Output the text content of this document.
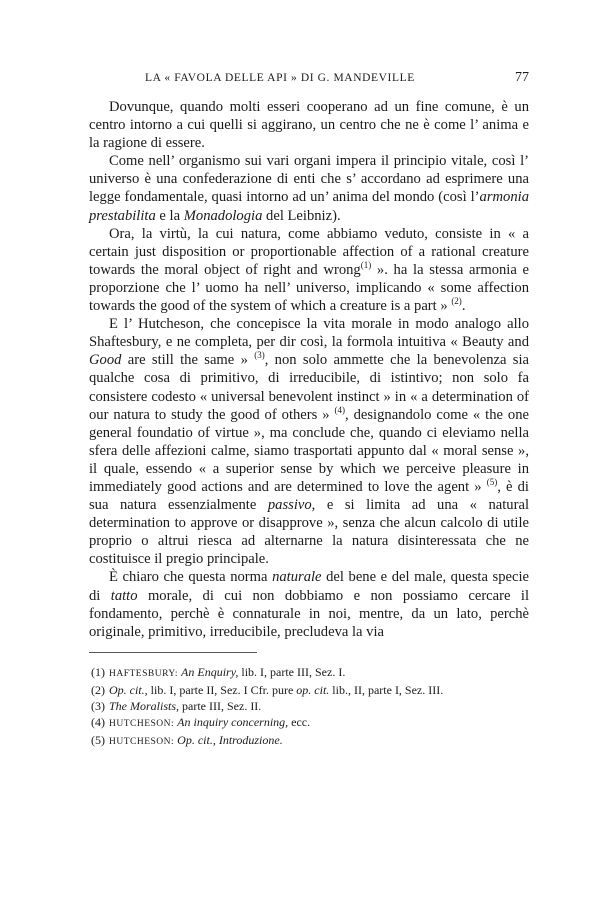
LA « FAVOLA DELLE API » DI G. MANDEVILLE	77

Dovunque, quando molti esseri cooperano ad un fine comune, è un centro intorno a cui quelli si aggirano, un centro che ne è come l’ anima e la ragione di essere.

Come nell’ organismo sui vari organi impera il principio vitale, così l’ universo è una confederazione di enti che s’ accordano ad esprimere una legge fondamentale, quasi intorno ad un’ anima del mondo (così l’armonia prestabilita e la Monadologia del Leibniz).

Ora, la virtù, la cui natura, come abbiamo veduto, consiste in « a certain just disposition or proportionable affection of a rational creature towards the moral object of right and wrong$^{(1)}$ ». ha la stessa armonia e proporzione che l’ uomo ha nell’ universo, implicando « some affection towards the good of the system of which a creature is a part » $^{(2)}$.

E l’ Hutcheson, che concepisce la vita morale in modo analogo allo Shaftesbury, e ne completa, per dir così, la formola intuitiva « Beauty and Good are still the same » $^{(3)}$, non solo ammette che la benevolenza sia qualche cosa di primitivo, di irreducibile, di istintivo; non solo fa consistere codesto « universal benevolent instinct » in « a determination of our natura to study the good of others » $^{(4)}$, designandolo come « the one general foundatio of virtue », ma conclude che, quando ci eleviamo nella sfera delle affezioni calme, siamo trasportati appunto dal « moral sense », il quale, essendo « a superior sense by which we perceive pleasure in immediately good actions and are determined to love the agent » $^{(5)}$, è di sua natura essenzialmente passivo, e si limita ad una « natural determination to approve or disapprove », senza che alcun calcolo di utile proprio o altrui riesca ad alternarne la natura disinteressata che ne costituisce il pregio principale.

È chiaro che questa norma naturale del bene e del male, questa specie di tatto morale, di cui non dobbiamo e non possiamo cercare il fondamento, perchè è connaturale in noi, mentre, da un lato, perchè originale, primitivo, irreducibile, precludeva la via

(1) HAFTESBURY: An Enquiry, lib. I, parte III, Sez. I.
(2) Op. cit., lib. I, parte II, Sez. I Cfr. pure op. cit. lib., II, parte I, Sez. III.
(3) The Moralists, parte III, Sez. II.
(4) HUTCHESON: An inquiry concerning, ecc.
(5) HUTCHESON: Op. cit., Introduzione.
